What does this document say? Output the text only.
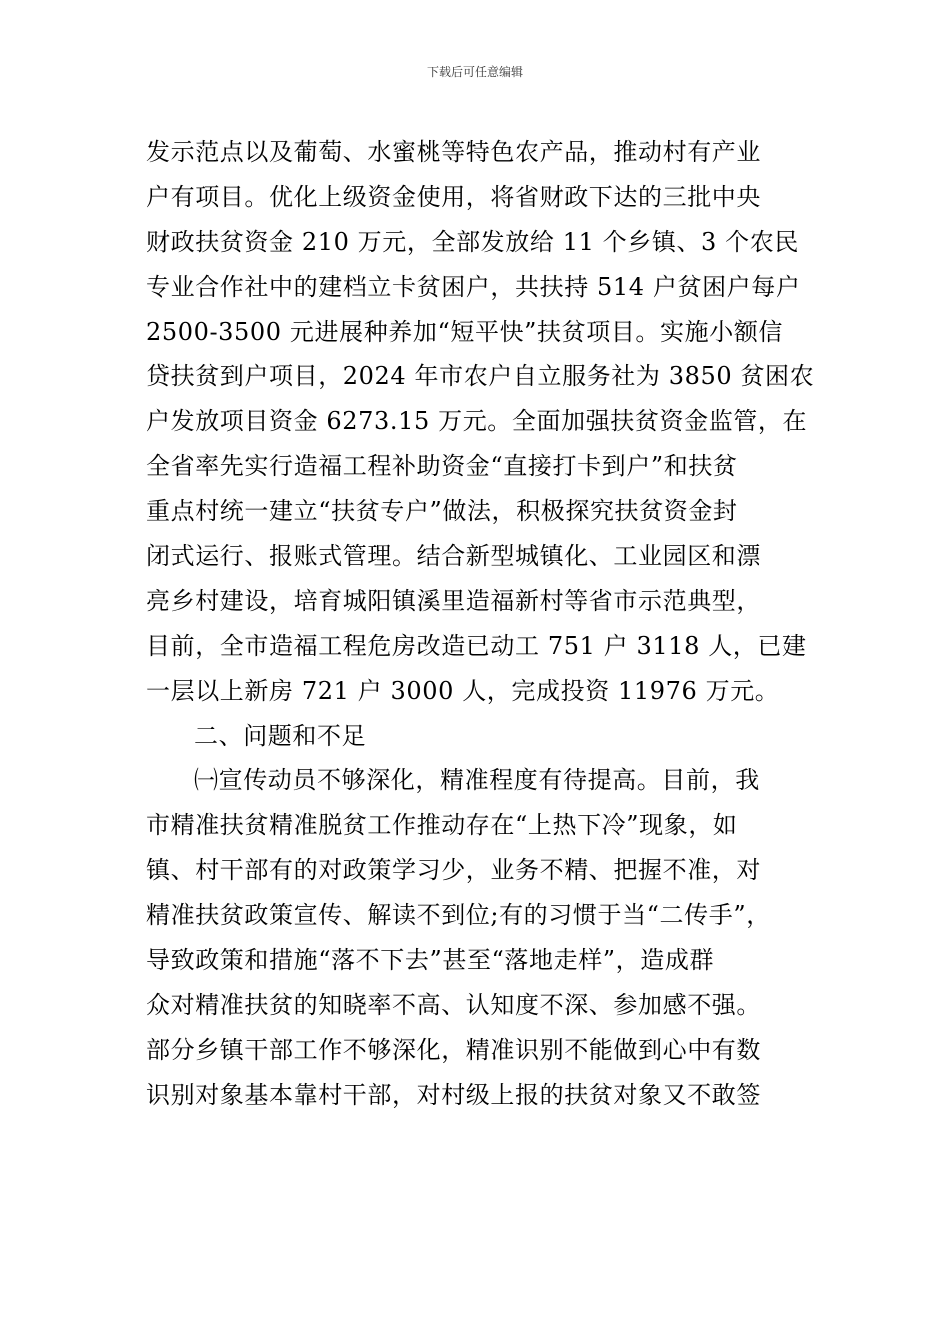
下载后可任意编辑
发示范点以及葡萄、水蜜桃等特色农产品，推动村有产业
户有项目。优化上级资金使用，将省财政下达的三批中央
财政扶贫资金 210 万元，全部发放给 11 个乡镇、3 个农民
专业合作社中的建档立卡贫困户，共扶持 514 户贫困户每户
2500-3500 元进展种养加“短平快”扶贫项目。实施小额信
贷扶贫到户项目，2024 年市农户自立服务社为 3850 贫困农
户发放项目资金 6273.15 万元。全面加强扶贫资金监管，在
全省率先实行造福工程补助资金“直接打卡到户”和扶贫
重点村统一建立“扶贫专户”做法，积极探究扶贫资金封
闭式运行、报账式管理。结合新型城镇化、工业园区和漂
亮乡村建设，培育城阳镇溪里造福新村等省市示范典型，
目前，全市造福工程危房改造已动工 751 户 3118 人，已建
一层以上新房 721 户 3000 人，完成投资 11976 万元。
二、问题和不足
㈠宣传动员不够深化，精准程度有待提高。目前，我
市精准扶贫精准脱贫工作推动存在“上热下冷”现象，如
镇、村干部有的对政策学习少，业务不精、把握不准，对
精准扶贫政策宣传、解读不到位;有的习惯于当“二传手”，
导致政策和措施“落不下去”甚至“落地走样”，造成群
众对精准扶贫的知晓率不高、认知度不深、参加感不强。
部分乡镇干部工作不够深化，精准识别不能做到心中有数
识别对象基本靠村干部，对村级上报的扶贫对象又不敢签
